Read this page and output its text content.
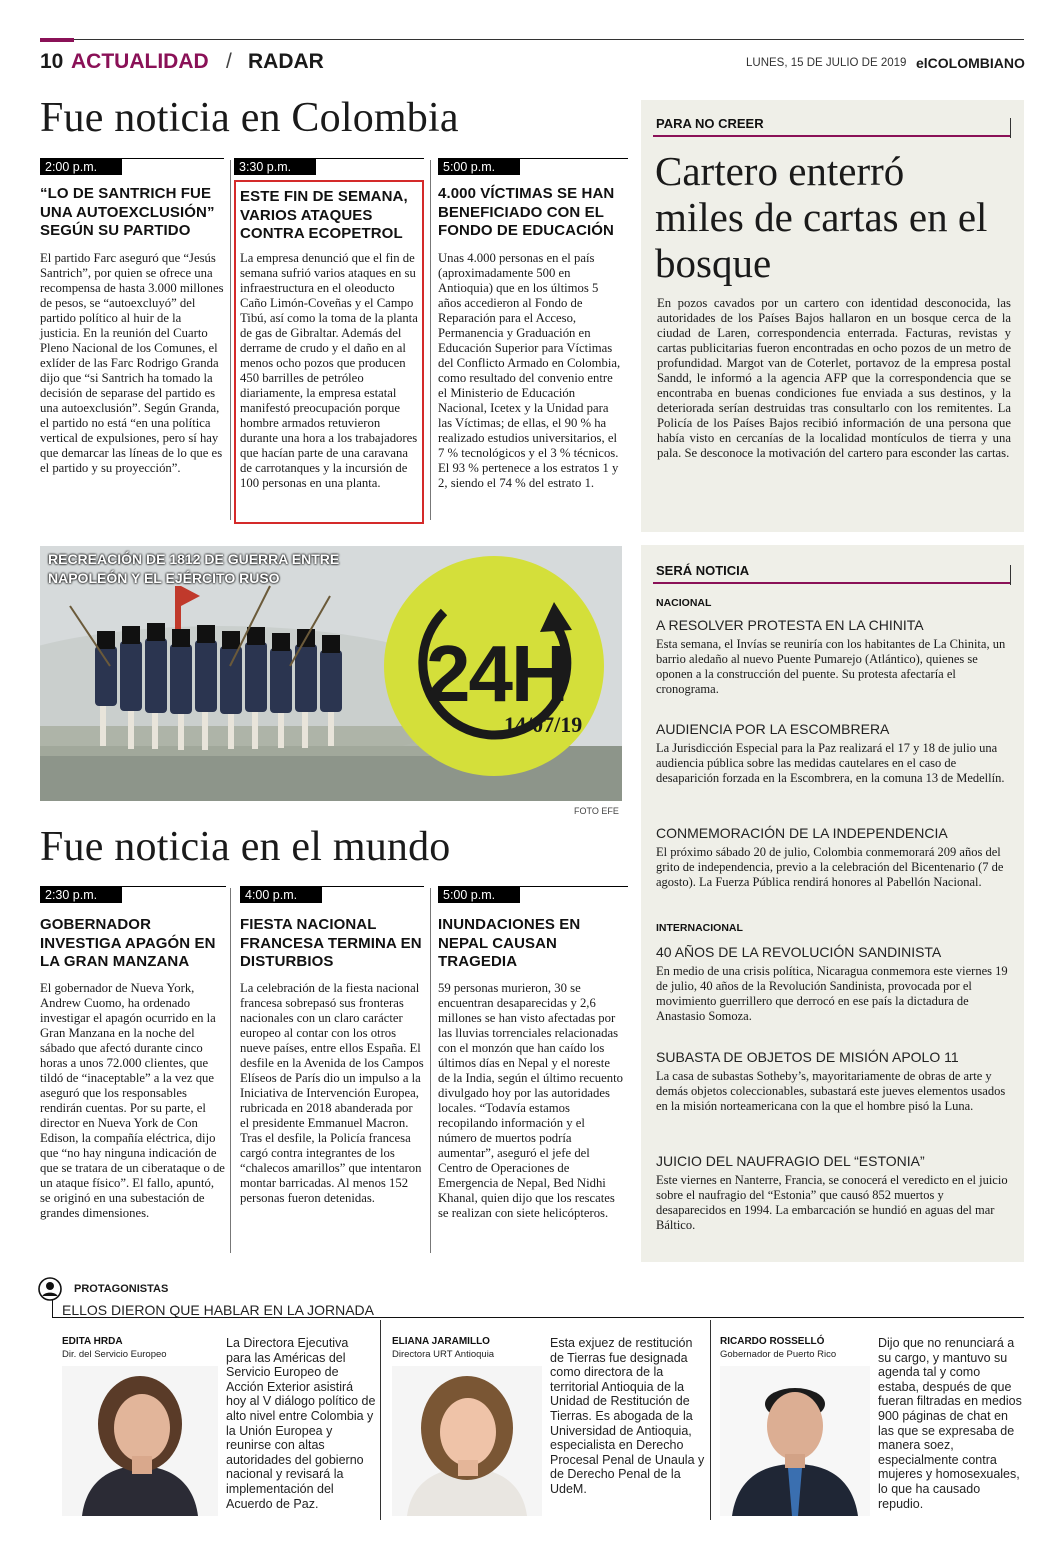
10 ACTUALIDAD / RADAR	LUNES, 15 DE JULIO DE 2019 elCOLOMBIANO
Fue noticia en Colombia
2:00 p.m.
“LO DE SANTRICH FUE UNA AUTOEXCLUSIÓN” SEGÚN SU PARTIDO
El partido Farc aseguró que “Jesús Santrich”, por quien se ofrece una recompensa de hasta 3.000 millones de pesos, se “autoexcluyó” del partido político al huir de la justicia. En la reunión del Cuarto Pleno Nacional de los Comunes, el exlíder de las Farc Rodrigo Granda dijo que “si Santrich ha tomado la decisión de separase del partido es una autoexclusión”. Según Granda, el partido no está “en una política vertical de expulsiones, pero sí hay que demarcar las líneas de lo que es el partido y su proyección”.
3:30 p.m.
ESTE FIN DE SEMANA, VARIOS ATAQUES CONTRA ECOPETROL
La empresa denunció que el fin de semana sufrió varios ataques en su infraestructura en el oleoducto Caño Limón-Coveñas y el Campo Tibú, así como la toma de la planta de gas de Gibraltar. Además del derrame de crudo y el daño en al menos ocho pozos que producen 450 barrilles de petróleo diariamente, la empresa estatal manifestó preocupación porque hombre armados retuvieron durante una hora a los trabajadores que hacían parte de una caravana de carrotanques y la incursión de 100 personas en una planta.
5:00 p.m.
4.000 VÍCTIMAS SE HAN BENEFICIADO CON EL FONDO DE EDUCACIÓN
Unas 4.000 personas en el país (aproximadamente 500 en Antioquia) que en los últimos 5 años accedieron al Fondo de Reparación para el Acceso, Permanencia y Graduación en Educación Superior para Víctimas del Conflicto Armado en Colombia, como resultado del convenio entre el Ministerio de Educación Nacional, Icetex y la Unidad para las Víctimas; de ellas, el 90 % ha realizado estudios universitarios, el 7 % tecnológicos y el 3 % técnicos. El 93 % pertenece a los estratos 1 y 2, siendo el 74 % del estrato 1.
PARA NO CREER
Cartero enterró miles de cartas en el bosque
En pozos cavados por un cartero con identidad desconocida, las autoridades de los Países Bajos hallaron en un bosque cerca de la ciudad de Laren, correspondencia enterrada. Facturas, revistas y cartas publicitarias fueron encontradas en ocho pozos de un metro de profundidad. Margot van de Coterlet, portavoz de la empresa postal Sandd, le informó a la agencia AFP que la correspondencia que se encontraba en buenas condiciones fue enviada a sus destinos, y la deteriorada serían destruidas tras consultarlo con los remitentes. La Policía de los Países Bajos recibió información de una persona que había visto en cercanías de la localidad montículos de tierra y una pala. Se desconoce la motivación del cartero para esconder las cartas.
RECREACIÓN DE 1812 DE GUERRA ENTRE NAPOLEÓN Y EL EJÉRCITO RUSO
24H
14/07/19
FOTO EFE
Fue noticia en el mundo
2:30 p.m.
GOBERNADOR INVESTIGA APAGÓN EN LA GRAN MANZANA
El gobernador de Nueva York, Andrew Cuomo, ha ordenado investigar el apagón ocurrido en la Gran Manzana en la noche del sábado que afectó durante cinco horas a unos 72.000 clientes, que tildó de “inaceptable” a la vez que aseguró que los responsables rendirán cuentas. Por su parte, el director en Nueva York de Con Edison, la compañía eléctrica, dijo que “no hay ninguna indicación de que se tratara de un ciberataque o de un ataque físico”. El fallo, apuntó, se originó en una subestación de grandes dimensiones.
4:00 p.m.
FIESTA NACIONAL FRANCESA TERMINA EN DISTURBIOS
La celebración de la fiesta nacional francesa sobrepasó sus fronteras nacionales con un claro carácter europeo al contar con los otros nueve países, entre ellos España. El desfile en la Avenida de los Campos Elíseos de París dio un impulso a la Iniciativa de Intervención Europea, rubricada en 2018 abanderada por el presidente Emmanuel Macron. Tras el desfile, la Policía francesa cargó contra integrantes de los “chalecos amarillos” que intentaron montar barricadas. Al menos 152 personas fueron detenidas.
5:00 p.m.
INUNDACIONES EN NEPAL CAUSAN TRAGEDIA
59 personas murieron, 30 se encuentran desaparecidas y 2,6 millones se han visto afectadas por las lluvias torrenciales relacionadas con el monzón que han caído los últimos días en Nepal y el noreste de la India, según el último recuento divulgado hoy por las autoridades locales. “Todavía estamos recopilando información y el número de muertos podría aumentar”, aseguró el jefe del Centro de Operaciones de Emergencia de Nepal, Bed Nidhi Khanal, quien dijo que los rescates se realizan con siete helicópteros.
SERÁ NOTICIA
NACIONAL
A RESOLVER PROTESTA EN LA CHINITA
Esta semana, el Invías se reuniría con los habitantes de La Chinita, un barrio aledaño al nuevo Puente Pumarejo (Atlántico), quienes se oponen a la construcción del puente. Su protesta afectaría el cronograma.
AUDIENCIA POR LA ESCOMBRERA
La Jurisdicción Especial para la Paz realizará el 17 y 18 de julio una audiencia pública sobre las medidas cautelares en el caso de desaparición forzada en la Escombrera, en la comuna 13 de Medellín.
CONMEMORACIÓN DE LA INDEPENDENCIA
El próximo sábado 20 de julio, Colombia conmemorará 209 años del grito de independencia, previo a la celebración del Bicentenario (7 de agosto). La Fuerza Pública rendirá honores al Pabellón Nacional.
INTERNACIONAL
40 AÑOS DE LA REVOLUCIÓN SANDINISTA
En medio de una crisis política, Nicaragua conmemora este viernes 19 de julio, 40 años de la Revolución Sandinista, provocada por el movimiento guerrillero que derrocó en ese país la dictadura de Anastasio Somoza.
SUBASTA DE OBJETOS DE MISIÓN APOLO 11
La casa de subastas Sotheby’s, mayoritariamente de obras de arte y demás objetos coleccionables, subastará este jueves elementos usados en la misión norteamericana con la que el hombre pisó la Luna.
JUICIO DEL NAUFRAGIO DEL “ESTONIA”
Este viernes en Nanterre, Francia, se conocerá el veredicto en el juicio sobre el naufragio del “Estonia” que causó 852 muertos y desaparecidos en 1994. La embarcación se hundió en aguas del mar Báltico.
PROTAGONISTAS
ELLOS DIERON QUE HABLAR EN LA JORNADA
EDITA HRDA
Dir. del Servicio Europeo
La Directora Ejecutiva para las Américas del Servicio Europeo de Acción Exterior asistirá hoy al V diálogo político de alto nivel entre Colombia y la Unión Europea y reunirse con altas autoridades del gobierno nacional y revisará la implementación del Acuerdo de Paz.
ELIANA JARAMILLO
Directora URT Antioquia
Esta exjuez de restitución de Tierras fue designada como directora de la territorial Antioquia de la Unidad de Restitución de Tierras. Es abogada de la Universidad de Antioquia, especialista en Derecho Procesal Penal de Unaula y de Derecho Penal de la UdeM.
RICARDO ROSSELLÓ
Gobernador de Puerto Rico
Dijo que no renunciará a su cargo, y mantuvo su agenda tal y como estaba, después de que fueran filtradas en medios 900 páginas de chat en las que se expresaba de manera soez, especialmente contra mujeres y homosexuales, lo que ha causado repudio.
